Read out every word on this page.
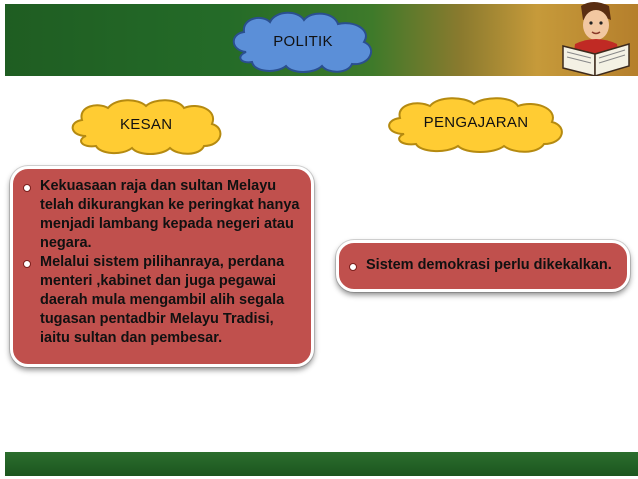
POLITIK
KESAN	PENGAJARAN
Kekuasaan raja dan sultan Melayu telah dikurangkan ke peringkat hanya menjadi lambang kepada negeri atau negara.
Melalui sistem pilihanraya, perdana menteri ,kabinet dan juga pegawai daerah mula mengambil alih segala tugasan pentadbir Melayu Tradisi, iaitu sultan dan pembesar.
Sistem demokrasi perlu dikekalkan.
